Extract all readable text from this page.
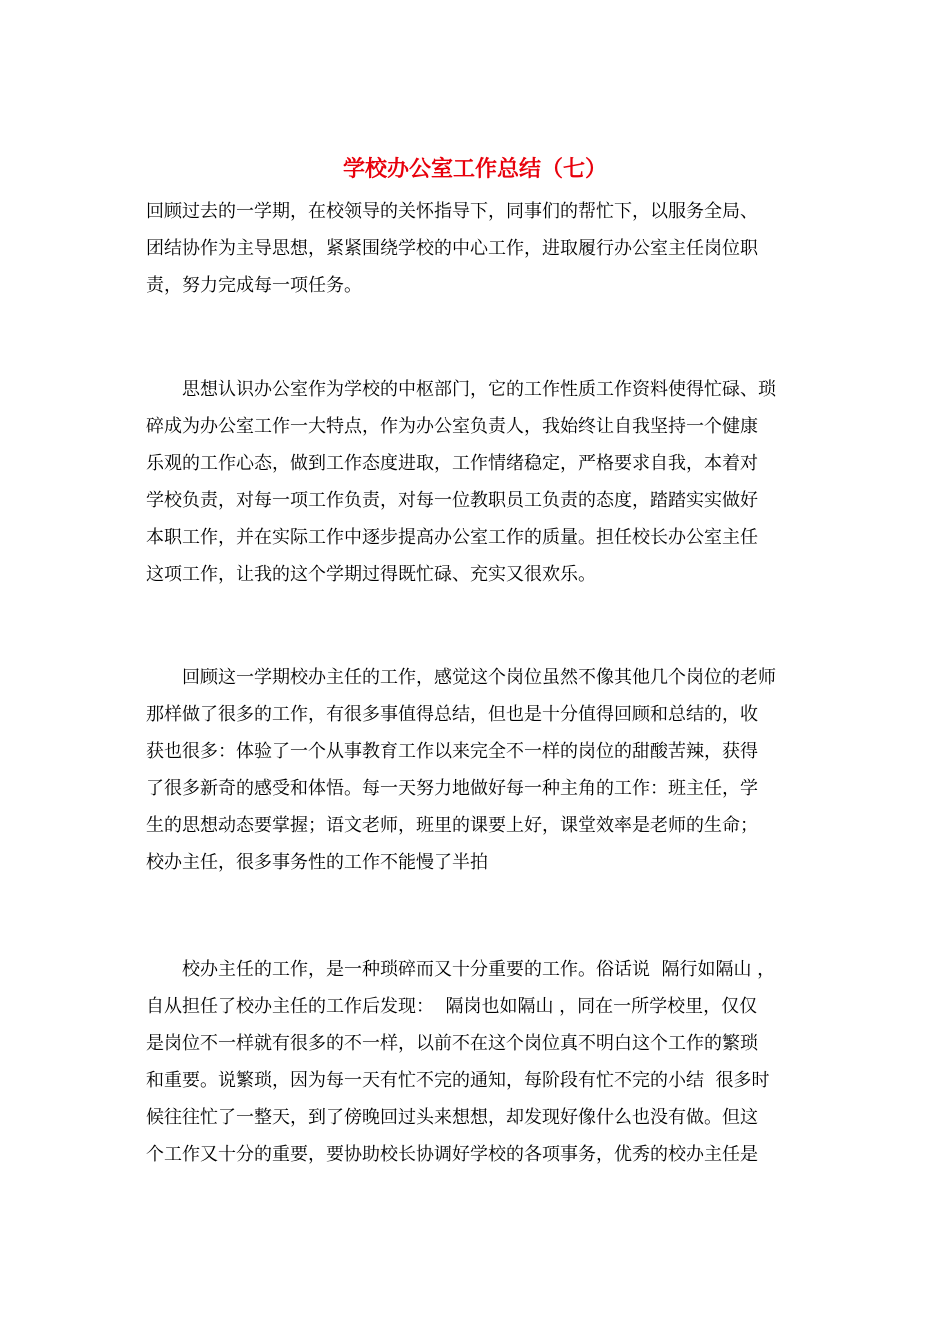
学校办公室工作总结（七）

回顾过去的一学期，在校领导的关怀指导下，同事们的帮忙下，以服务全局、
团结协作为主导思想，紧紧围绕学校的中心工作，进取履行办公室主任岗位职
责，努力完成每一项任务。

　　思想认识办公室作为学校的中枢部门，它的工作性质工作资料使得忙碌、琐
碎成为办公室工作一大特点，作为办公室负责人，我始终让自我坚持一个健康
乐观的工作心态，做到工作态度进取，工作情绪稳定，严格要求自我，本着对
学校负责，对每一项工作负责，对每一位教职员工负责的态度，踏踏实实做好
本职工作，并在实际工作中逐步提高办公室工作的质量。担任校长办公室主任
这项工作，让我的这个学期过得既忙碌、充实又很欢乐。

　　回顾这一学期校办主任的工作，感觉这个岗位虽然不像其他几个岗位的老师
那样做了很多的工作，有很多事值得总结，但也是十分值得回顾和总结的，收
获也很多：体验了一个从事教育工作以来完全不一样的岗位的甜酸苦辣，获得
了很多新奇的感受和体悟。每一天努力地做好每一种主角的工作：班主任，学
生的思想动态要掌握；语文老师，班里的课要上好，课堂效率是老师的生命；
校办主任，很多事务性的工作不能慢了半拍

　　校办主任的工作，是一种琐碎而又十分重要的工作。俗话说  隔行如隔山 ，
自从担任了校办主任的工作后发现：  隔岗也如隔山 ，同在一所学校里，仅仅
是岗位不一样就有很多的不一样，以前不在这个岗位真不明白这个工作的繁琐
和重要。说繁琐，因为每一天有忙不完的通知，每阶段有忙不完的小结  很多时
候往往忙了一整天，到了傍晚回过头来想想，却发现好像什么也没有做。但这
个工作又十分的重要，要协助校长协调好学校的各项事务，优秀的校办主任是
